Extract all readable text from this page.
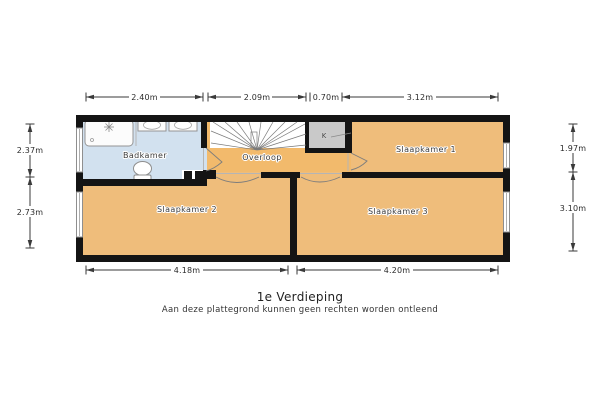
Badkamer	Overloop
K
Slaapkamer 1
Slaapkamer 2	Slaapkamer 3
2.40m	2.09m	0.70m	3.12m
4.18m	4.20m
2.37m
2.73m
1.97m
3.10m
1e Verdieping
Aan deze plattegrond kunnen geen rechten worden ontleend
